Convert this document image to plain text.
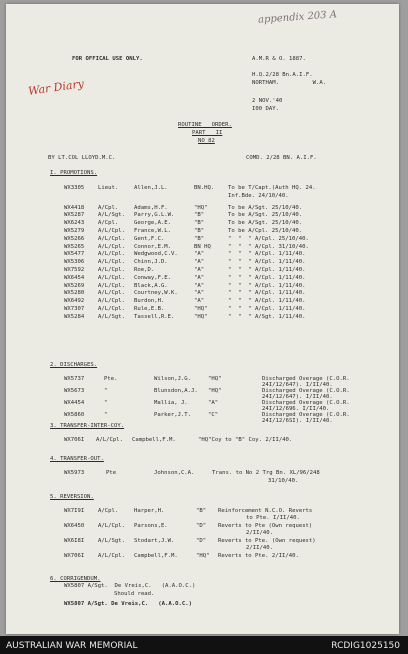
appendix 203 A
FOR OFFICAL USE ONLY.	A.M.R & O. 1887.
War Diary
H.Q.2/28 Bn.A.I.F.
NORTHAM.          W.A.
2 NOV.'40
I00 DAY.
ROUTINE   ORDER.
PART   II
NO 82
BY LT.COL LLOYD.M.C.	COMD. 2/28 BN. A.I.F.
I. PROMOTIONS.
WX3305 Lieut.	Allen,J.L.	BN.HQ. To be T/Capt.(Auth HQ. 24.
Inf.Bde. 24/10/40.
WX4418 A/Cpl.	Adams,H.F.	"HQ"	To be A/Sgt. 25/10/40.
WX5287 A/L/Sgt. Parry,G.L.W.	"B"	To be A/Sgt. 25/10/40.
WX6243 A/Cpl.	George,A.E.	"B"	To be A/Sgt. 25/10/40.
WX5279 A/L/Cpl. France,W.L.	"B"	To be A/Cpl. 25/10/40.
WX5266 A/L/Cpl. Gent,F.C.	"B"	"  "  " A/Cpl. 25/10/40.
WX5265 A/L/Cpl. Connor,E.M.	BN HQ	"  "  " A/Cpl. 31/10/40.
WX5477 A/L/Cpl. Wedgwood,C.V.	"A"	"  "  " A/Cpl. 1/11/40.
WX5306 A/L/Cpl. Chinn,J.D.	"A"	"  "  " A/Cpl. 1/11/40.
WX7592 A/L/Cpl. Roe,D.	"A"	"  "  " A/Cpl. 1/11/40.
WX6454 A/L/Cpl. Conway,F.E.	"A"	"  "  " A/Cpl. 1/11/40.
WX5269 A/L/Cpl. Black,A.G.	"A"	"  "  " A/Cpl. 1/11/40.
WX5280 A/L/Cpl. Courtney,W.K.	"A"	"  "  " A/Cpl. 1/11/40.
WX6492 A/L/Cpl. Burdon,H.	"A"	"  "  " A/Cpl. 1/11/40.
WX7307 A/L/Cpl. Rule,E.B.	"HQ"	"  "  " A/Cpl. 1/11/40.
WX5284 A/L/Sgt. Tassell,R.E.	"HQ"	"  "  " A/Sgt. 1/11/40.
2. DISCHARGES.
WX5737	Pte.	Wilson,J.G.	"HQ"	Discharged Overage (C.O.R.
24I/12/647). I/II/40.
WX5673	"	Blunsdon,A.J. "HQ"	Discharged Overage (C.O.R.
24I/12/647). I/II/40.
WX4454	"	Mallia, J.	"A"	Discharged Overage (C.O.R.
24I/12/696. I/II/40.
WX5860	"	Parker,J.T.	"C"	Discharged Overage (C.O.R.
24I/12/6SI). I/II/40.
3. TRANSFER-INTER-COY.
WX706I A/L/Cpl. Campbell,F.M.	"HQ"Coy to "B" Coy. 2/II/40.
4. TRANSFER-OUT.
WX5973	Pte	Johnson,C.A.	Trans. to No 2 Trg Bn. XL/96/248
31/10/40.
5. REVERSION.
WX7I9I A/Cpl.	Harper,H.	"B" Reinforcement N.C.O. Reverts
to Pte. I/II/40.
WX6450 A/L/Cpl. Parsons,E.	"D" Reverts to Pte (Own request)
2/II/40.
WX6I8I A/L/Sgt. Stodart,J.W.	"D" Reverts to Pte. (Own request)
2/II/40.
WX706I A/L/Cpl. Campbell,F.M.	"HQ" Reverts to Pte. 2/II/40.
6. CORRIGENDUM.
WX5807 A/Sgt.  De Vreis,C.   (A.A.O.C.)
Should read.
WX5807 A/Sgt. De Vreis,C.   (A.A.O.C.)
AUSTRALIAN WAR MEMORIAL	RCDIG1025150
